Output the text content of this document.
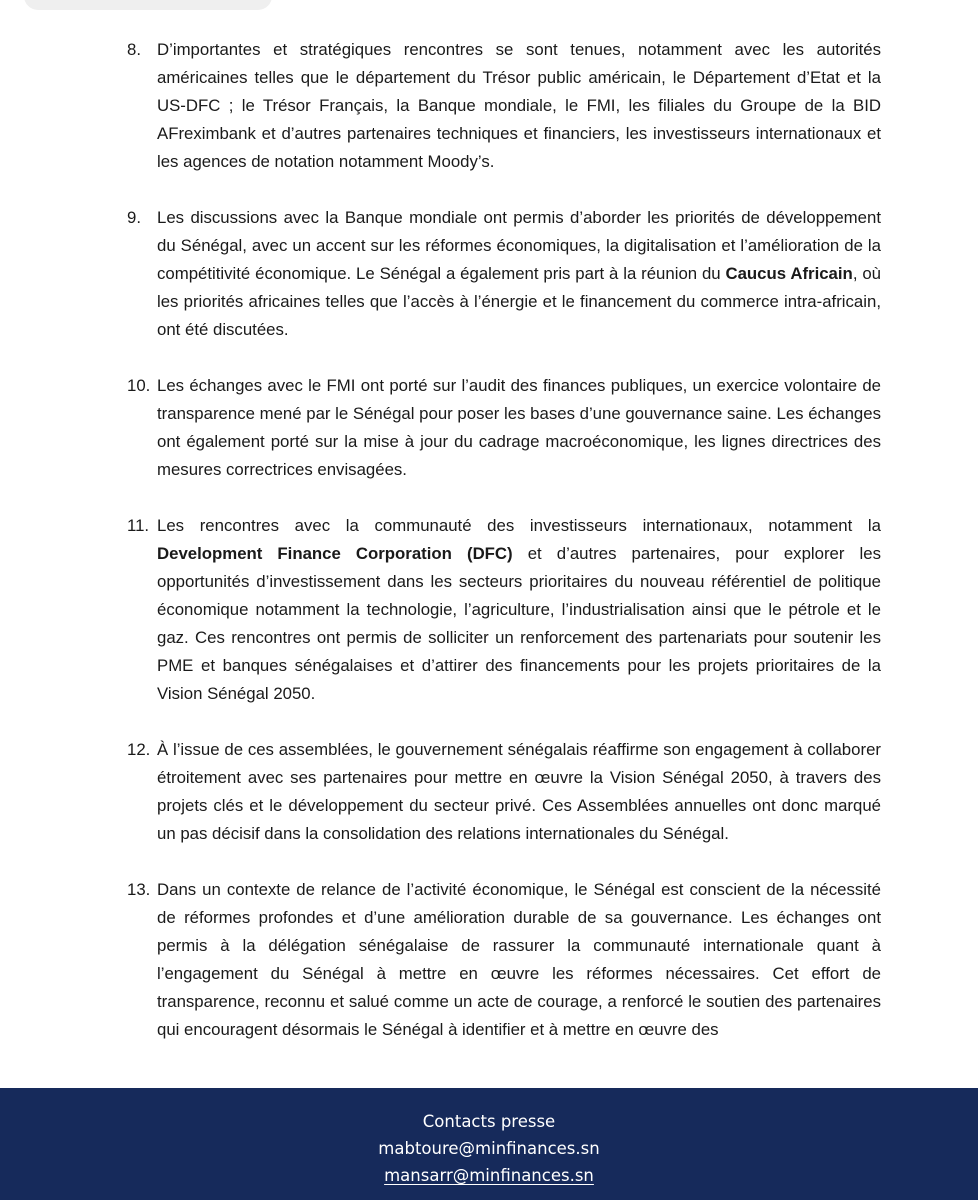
8. D’importantes et stratégiques rencontres se sont tenues, notamment avec les autorités américaines telles que le département du Trésor public américain, le Département d’Etat et la US-DFC ; le Trésor Français, la Banque mondiale, le FMI, les filiales du Groupe de la BID AFreximbank et d’autres partenaires techniques et financiers, les investisseurs internationaux et les agences de notation notamment Moody’s.
9. Les discussions avec la Banque mondiale ont permis d’aborder les priorités de développement du Sénégal, avec un accent sur les réformes économiques, la digitalisation et l’amélioration de la compétitivité économique. Le Sénégal a également pris part à la réunion du Caucus Africain, où les priorités africaines telles que l’accès à l’énergie et le financement du commerce intra-africain, ont été discutées.
10. Les échanges avec le FMI ont porté sur l’audit des finances publiques, un exercice volontaire de transparence mené par le Sénégal pour poser les bases d’une gouvernance saine. Les échanges ont également porté sur la mise à jour du cadrage macroéconomique, les lignes directrices des mesures correctrices envisagées.
11. Les rencontres avec la communauté des investisseurs internationaux, notamment la Development Finance Corporation (DFC) et d’autres partenaires, pour explorer les opportunités d’investissement dans les secteurs prioritaires du nouveau référentiel de politique économique notamment la technologie, l’agriculture, l’industrialisation ainsi que le pétrole et le gaz. Ces rencontres ont permis de solliciter un renforcement des partenariats pour soutenir les PME et banques sénégalaises et d’attirer des financements pour les projets prioritaires de la Vision Sénégal 2050.
12. À l’issue de ces assemblées, le gouvernement sénégalais réaffirme son engagement à collaborer étroitement avec ses partenaires pour mettre en œuvre la Vision Sénégal 2050, à travers des projets clés et le développement du secteur privé. Ces Assemblées annuelles ont donc marqué un pas décisif dans la consolidation des relations internationales du Sénégal.
13. Dans un contexte de relance de l’activité économique, le Sénégal est conscient de la nécessité de réformes profondes et d’une amélioration durable de sa gouvernance. Les échanges ont permis à la délégation sénégalaise de rassurer la communauté internationale quant à l’engagement du Sénégal à mettre en œuvre les réformes nécessaires. Cet effort de transparence, reconnu et salué comme un acte de courage, a renforcé le soutien des partenaires qui encouragent désormais le Sénégal à identifier et à mettre en œuvre des
Contacts presse
mabtoure@minfinances.sn
mansarr@minfinances.sn
